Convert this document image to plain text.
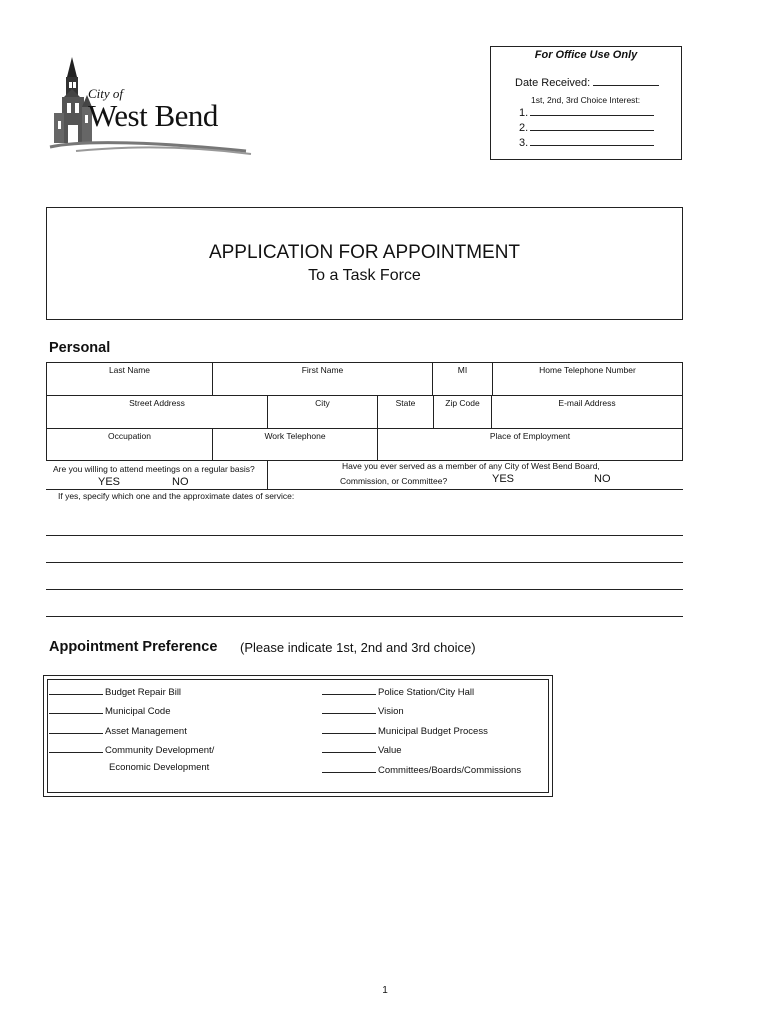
City of
West Bend
For Office Use Only
Date Received:
1st, 2nd, 3rd Choice Interest:
1.
2.
3.
APPLICATION FOR APPOINTMENT
To a Task Force
Personal
Last Name	First Name	MI	Home Telephone Number
Street Address	City	State	Zip Code	E-mail Address
Occupation	Work Telephone	Place of Employment
Are you willing to attend meetings on a regular basis?
YES	NO
Have you ever served as a member of any City of West Bend Board,
Commission, or Committee?	YES	NO
If yes, specify which one and the approximate dates of service:
Appointment Preference (Please indicate 1st, 2nd and 3rd choice)
Budget Repair Bill
Municipal Code
Asset Management
Community Development/
Economic Development
Police Station/City Hall
Vision
Municipal Budget Process
Value
Committees/Boards/Commissions
1
